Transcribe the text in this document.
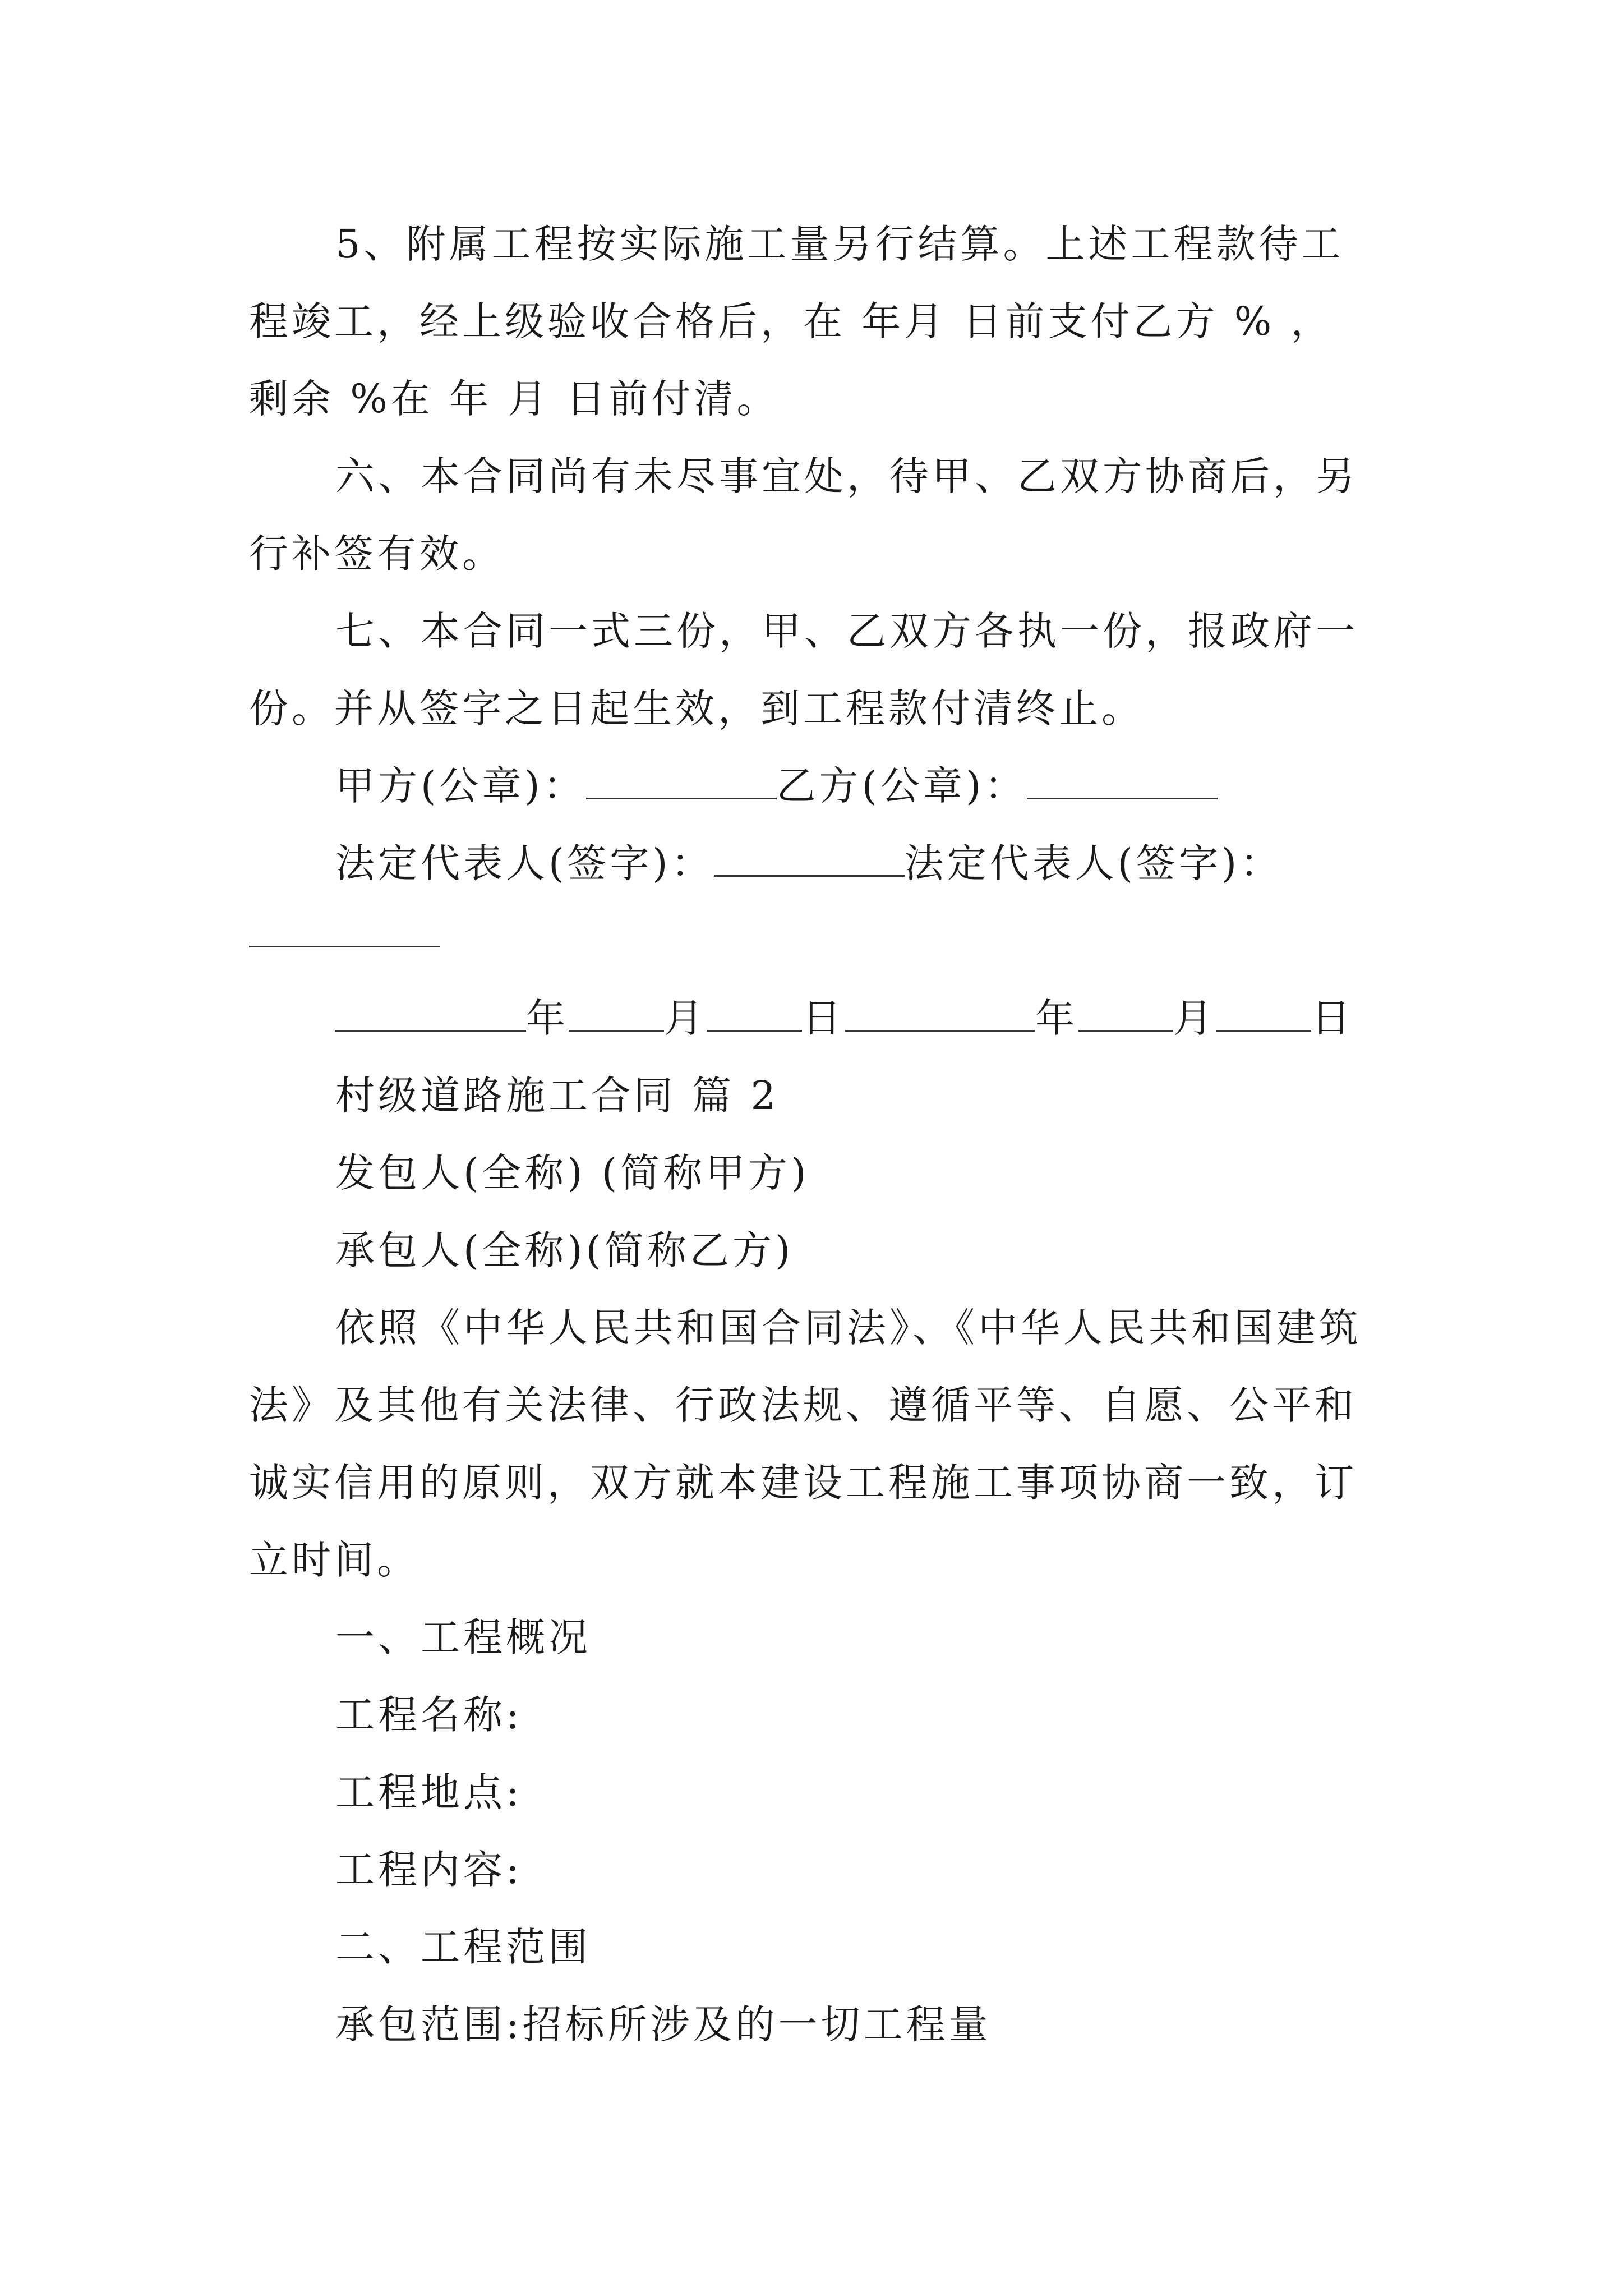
5、附属工程按实际施工量另行结算。上述工程款待工
程竣工，经上级验收合格后，在 年月 日前支付乙方 % ，
剩余 %在 年 月 日前付清。
六、本合同尚有未尽事宜处，待甲、乙双方协商后，另
行补签有效。
七、本合同一式三份，甲、乙双方各执一份，报政府一
份。并从签字之日起生效，到工程款付清终止。
甲方(公章)：	乙方(公章)：
法定代表人(签字)：	法定代表人(签字)：
年 月 日	年 月 日
村级道路施工合同 篇 2
发包人(全称) (简称甲方)
承包人(全称)(简称乙方)
依照《中华人民共和国合同法》、《中华人民共和国建筑
法》及其他有关法律、行政法规、遵循平等、自愿、公平和
诚实信用的原则，双方就本建设工程施工事项协商一致，订
立时间。
一、工程概况
工程名称:
工程地点:
工程内容:
二、工程范围
承包范围:招标所涉及的一切工程量
